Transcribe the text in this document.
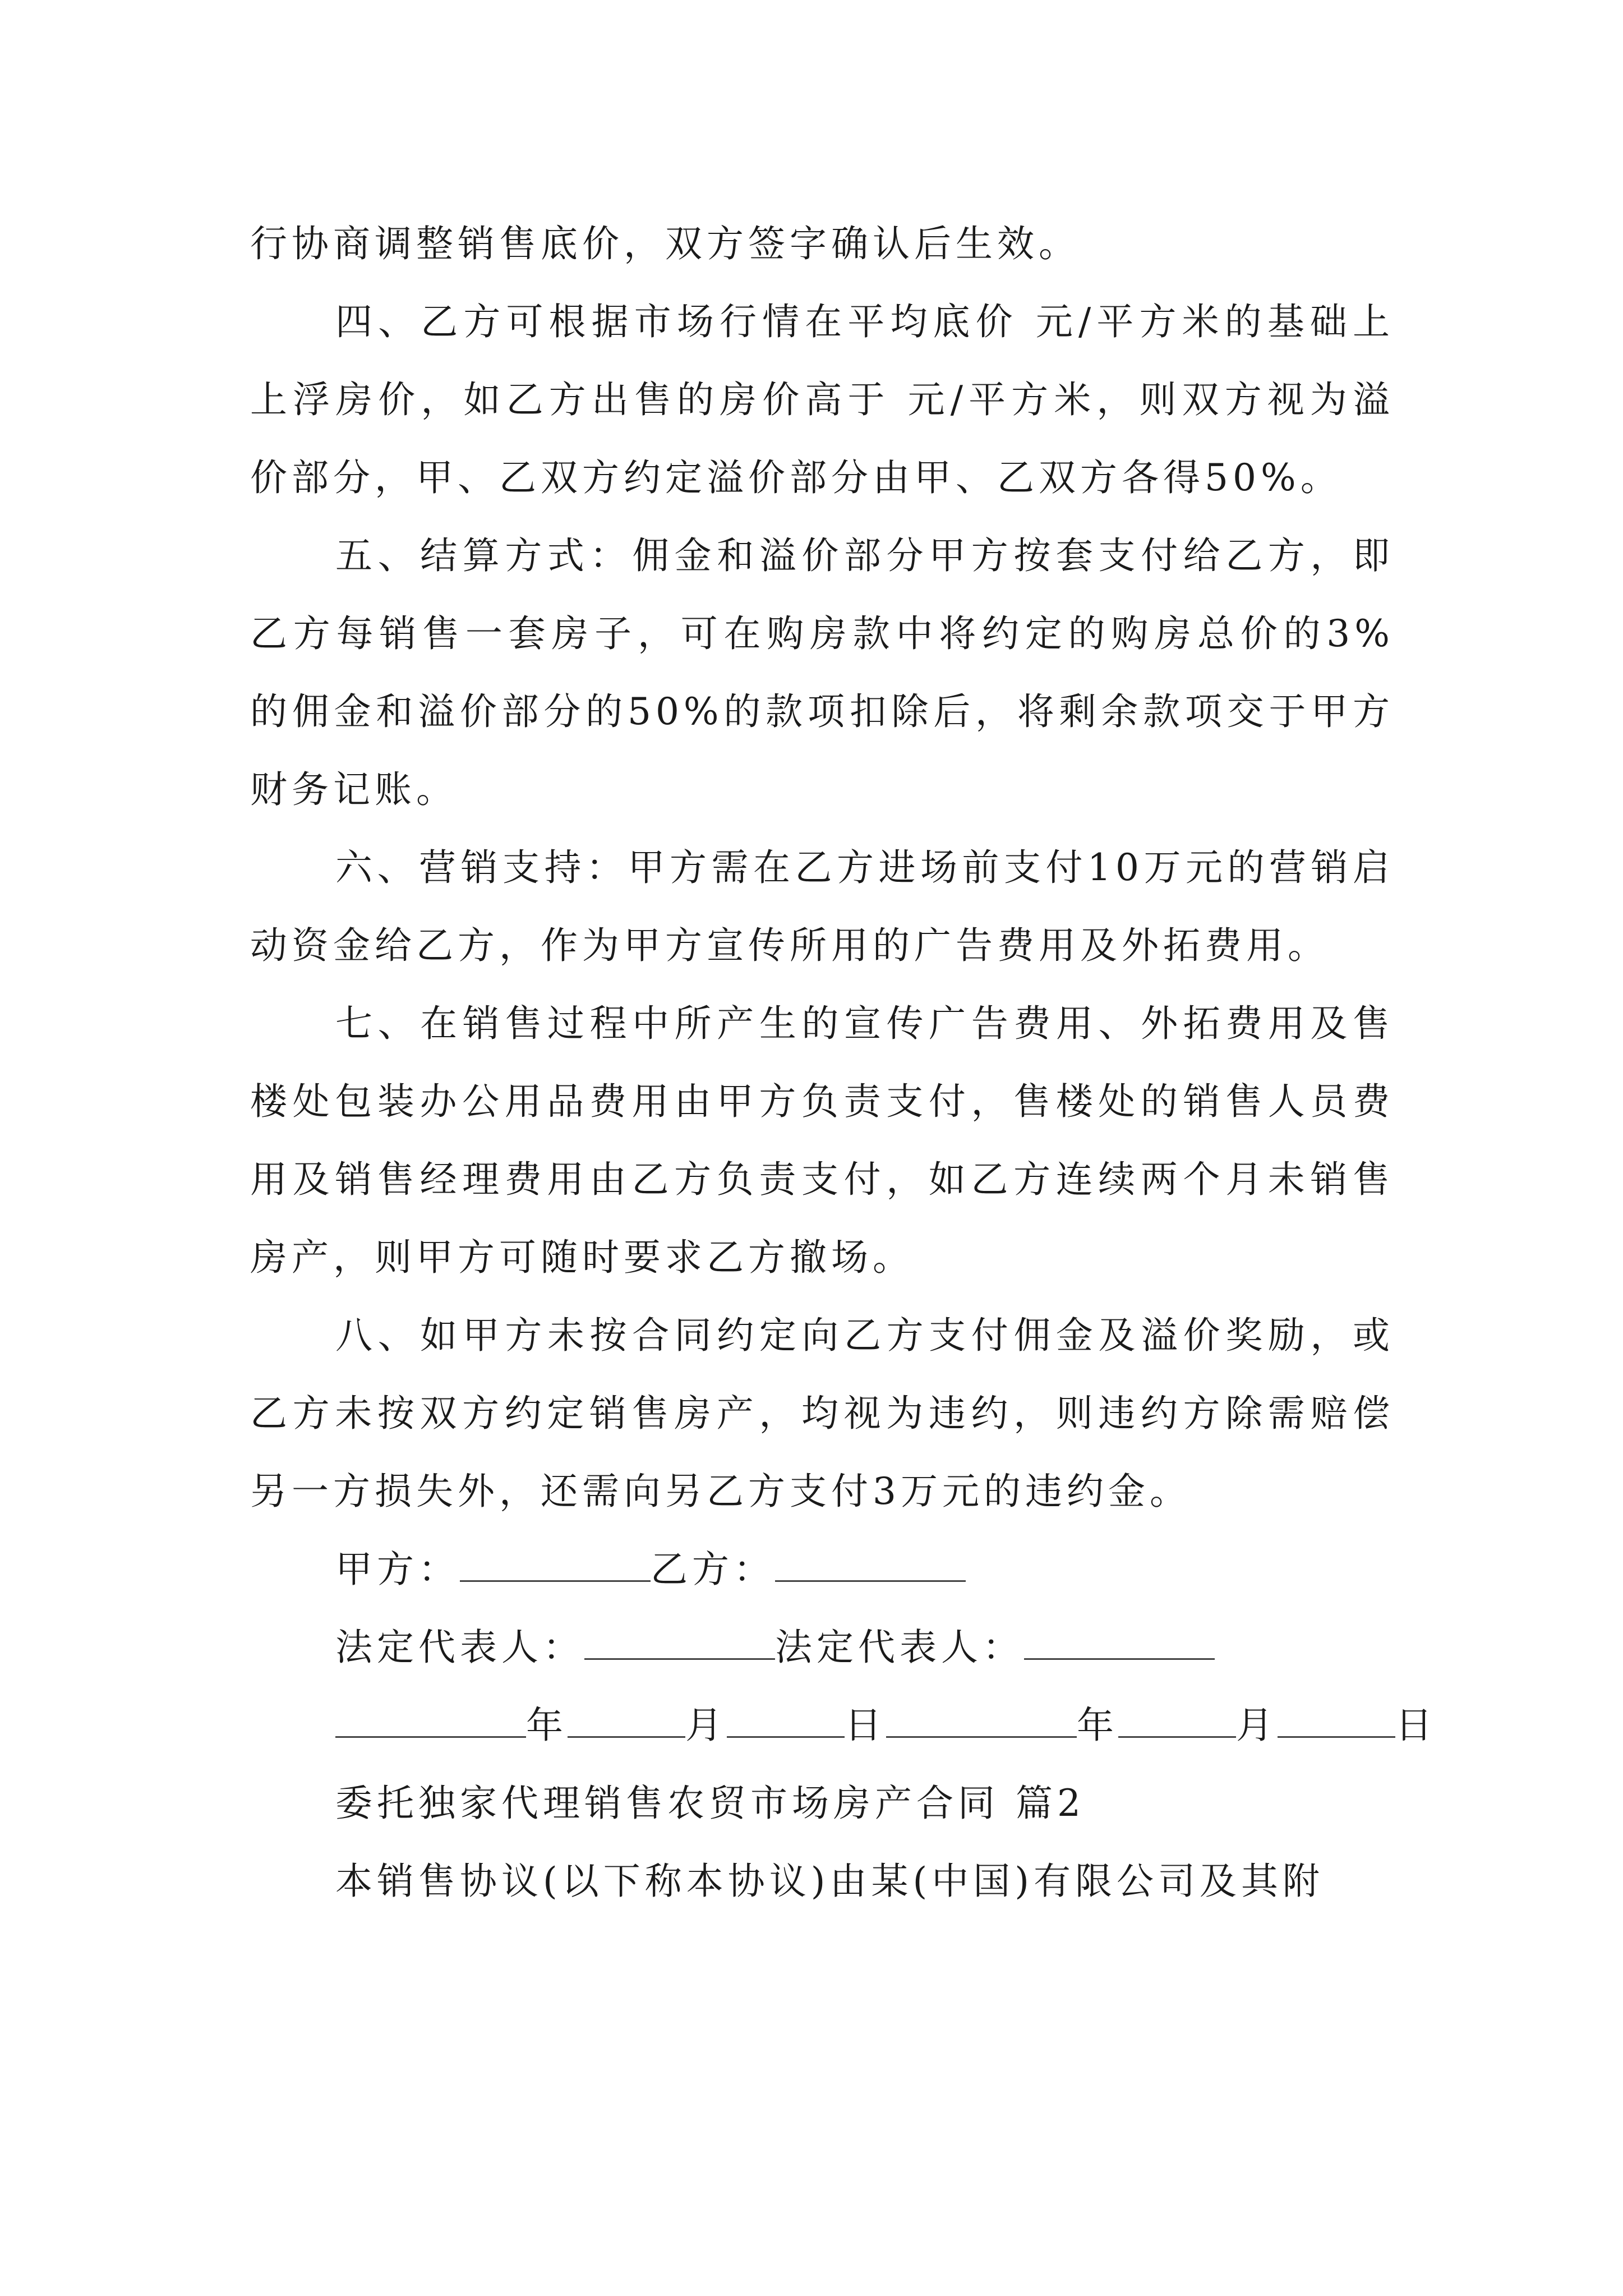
行协商调整销售底价，双方签字确认后生效。

四、乙方可根据市场行情在平均底价 元/平方米的基础上上浮房价，如乙方出售的房价高于 元/平方米，则双方视为溢价部分，甲、乙双方约定溢价部分由甲、乙双方各得50%。

五、结算方式：佣金和溢价部分甲方按套支付给乙方，即乙方每销售一套房子，可在购房款中将约定的购房总价的3%的佣金和溢价部分的50%的款项扣除后，将剩余款项交于甲方财务记账。

六、营销支持：甲方需在乙方进场前支付10万元的营销启动资金给乙方，作为甲方宣传所用的广告费用及外拓费用。

七、在销售过程中所产生的宣传广告费用、外拓费用及售楼处包装办公用品费用由甲方负责支付，售楼处的销售人员费用及销售经理费用由乙方负责支付，如乙方连续两个月未销售房产，则甲方可随时要求乙方撤场。

八、如甲方未按合同约定向乙方支付佣金及溢价奖励，或乙方未按双方约定销售房产，均视为违约，则违约方除需赔偿另一方损失外，还需向另乙方支付3万元的违约金。

甲方：	乙方：

法定代表人：	法定代表人：

年	月	日	年	月	日

委托独家代理销售农贸市场房产合同 篇2

本销售协议(以下称本协议)由某(中国)有限公司及其附
